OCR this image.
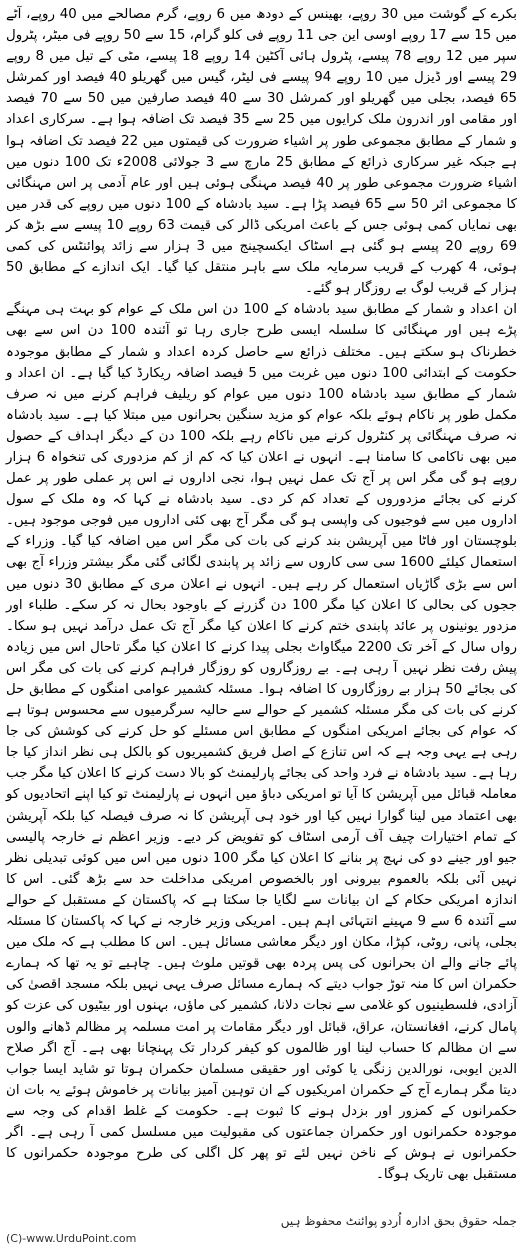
بکرے کے گوشت میں 30 روپے، بھینس کے دودھ میں 6 روپے، گرم مصالحے میں 40 روپے، آٹے میں 15 سے 17 روپے اوسی این جی 11 روپے فی کلو گرام، 15 سے 50 روپے فی میٹر، پٹرول سپر میں 12 روپے 78 پیسے، پٹرول ہائی آکٹین 14 روپے 18 پیسے، مٹی کے تیل میں 8 روپے 29 پیسے اور ڈیزل میں 10 روپے 94 پیسے فی لیٹر، گیس میں گھریلو 40 فیصد اور کمرشل 65 فیصد، بجلی میں گھریلو اور کمرشل 30 سے 40 فیصد صارفین میں 50 سے 70 فیصد اور مقامی اور اندرون ملک کرایوں میں 25 سے 35 فیصد تک اضافہ ہوا ہے۔ سرکاری اعداد و شمار کے مطابق مجموعی طور پر اشیاء ضرورت کی قیمتوں میں 22 فیصد تک اضافہ ہوا ہے جبکہ غیر سرکاری ذرائع کے مطابق 25 مارچ سے 3 جولائی 2008ء تک 100 دنوں میں اشیاء ضرورت مجموعی طور پر 40 فیصد مہنگی ہوئی ہیں اور عام آدمی پر اس مہنگائی کا مجموعی اثر 50 سے 65 فیصد پڑا ہے۔ سید بادشاہ کے 100 دنوں میں روپے کی قدر میں بھی نمایاں کمی ہوئی جس کے باعث امریکی ڈالر کی قیمت 63 روپے 10 پیسے سے بڑھ کر 69 روپے 20 پیسے ہو گئی ہے اسٹاک ایکسچینج میں 3 ہزار سے زائد پوائنٹس کی کمی ہوئی، 4 کھرب کے قریب سرمایہ ملک سے باہر منتقل کیا گیا۔ ایک اندازے کے مطابق 50 ہزار کے قریب لوگ بے روزگار ہو گئے۔

ان اعداد و شمار کے مطابق سید بادشاہ کے 100 دن اس ملک کے عوام کو بہت ہی مہنگے پڑے ہیں اور مہنگائی کا سلسلہ ایسی طرح جاری رہا تو آئندہ 100 دن اس سے بھی خطرناک ہو سکتے ہیں۔ مختلف ذرائع سے حاصل کردہ اعداد و شمار کے مطابق موجودہ حکومت کے ابتدائی 100 دنوں میں غربت میں 5 فیصد اضافہ ریکارڈ کیا گیا ہے۔ ان اعداد و شمار کے مطابق سید بادشاہ 100 دنوں میں عوام کو ریلیف فراہم کرنے میں نہ صرف مکمل طور پر ناکام ہوئے بلکہ عوام کو مزید سنگین بحرانوں میں مبتلا کیا ہے۔ سید بادشاہ نہ صرف مہنگائی پر کنٹرول کرنے میں ناکام رہے بلکہ 100 دن کے دیگر اہداف کے حصول میں بھی ناکامی کا سامنا ہے۔ انہوں نے اعلان کیا کہ کم از کم مزدوری کی تنخواہ 6 ہزار روپے ہو گی مگر اس پر آج تک عمل نہیں ہوا، نجی اداروں نے اس پر عملی طور پر عمل کرنے کی بجائے مزدوروں کے تعداد کم کر دی۔ سید بادشاہ نے کہا کہ وہ ملک کے سول اداروں میں سے فوجیوں کی واپسی ہو گی مگر آج بھی کئی اداروں میں فوجی موجود ہیں۔ بلوچستان اور فاٹا میں آپریشن بند کرنے کی بات کی مگر اس میں اضافہ کیا گیا۔ وزراء کے استعمال کیلئے 1600 سی سی کاروں سے زائد پر پابندی لگائی گئی مگر بیشتر وزراء آج بھی اس سے بڑی گاڑیاں استعمال کر رہے ہیں۔ انہوں نے اعلان مری کے مطابق 30 دنوں میں ججوں کی بحالی کا اعلان کیا مگر 100 دن گزرنے کے باوجود بحال نہ کر سکے۔ طلباء اور مزدور یونینوں پر عائد پابندی ختم کرنے کا اعلان کیا مگر آج تک عمل درآمد نہیں ہو سکا۔ رواں سال کے آخر تک 2200 میگاواٹ بجلی پیدا کرنے کا اعلان کیا مگر تاحال اس میں زیادہ پیش رفت نظر نہیں آ رہی ہے۔ بے روزگاروں کو روزگار فراہم کرنے کی بات کی مگر اس کی بجائے 50 ہزار بے روزگاروں کا اضافہ ہوا۔ مسئلہ کشمیر عوامی امنگوں کے مطابق حل کرنے کی بات کی مگر مسئلہ کشمیر کے حوالے سے حالیہ سرگرمیوں سے محسوس ہوتا ہے کہ عوام کی بجائے امریکی امنگوں کے مطابق اس مسئلے کو حل کرنے کی کوشش کی جا رہی ہے یہی وجہ ہے کہ اس تنازع کے اصل فریق کشمیریوں کو بالکل ہی نظر انداز کیا جا رہا ہے۔ سید بادشاہ نے فرد واحد کی بجائے پارلیمنٹ کو بالا دست کرنے کا اعلان کیا مگر جب معاملہ قبائل میں آپریشن کا آیا تو امریکی دباؤ میں انہوں نے پارلیمنٹ تو کیا اپنے اتحادیوں کو بھی اعتماد میں لینا گوارا نہیں کیا اور خود ہی آپریشن کا نہ صرف فیصلہ کیا بلکہ آپریشن کے تمام اختیارات چیف آف آرمی اسٹاف کو تفویض کر دیے۔ وزیر اعظم نے خارجہ پالیسی جیو اور جینے دو کی نہج پر بنانے کا اعلان کیا مگر 100 دنوں میں اس میں کوئی تبدیلی نظر نہیں آئی بلکہ بالعموم بیرونی اور بالخصوص امریکی مداخلت حد سے بڑھ گئی۔ اس کا اندازہ امریکی حکام کے ان بیانات سے لگایا جا سکتا ہے کہ پاکستان کے مستقبل کے حوالے سے آئندہ 6 سے 9 مہینے انتہائی اہم ہیں۔ امریکی وزیر خارجہ نے کہا کہ پاکستان کا مسئلہ بجلی، پانی، روٹی، کپڑا، مکان اور دیگر معاشی مسائل ہیں۔ اس کا مطلب ہے کہ ملک میں پائے جانے والے ان بحرانوں کی پس پردہ بھی قوتیں ملوث ہیں۔ چاہیے تو یہ تھا کہ ہمارے حکمران اس کا منہ توڑ جواب دیتے کہ ہمارے مسائل صرف یہی نہیں بلکہ مسجد اقصیٰ کی آزادی، فلسطینیوں کو غلامی سے نجات دلانا، کشمیر کی ماؤں، بہنوں اور بیٹیوں کی عزت کو پامال کرنے، افغانستان، عراق، قبائل اور دیگر مقامات پر امت مسلمہ پر مظالم ڈھانے والوں سے ان مظالم کا حساب لینا اور ظالموں کو کیفر کردار تک پہنچانا بھی ہے۔ آج اگر صلاح الدین ایوبی، نورالدین زنگی یا کوئی اور حقیقی مسلمان حکمران ہوتا تو شاید ایسا جواب دیتا مگر ہمارے آج کے حکمران امریکیوں کے ان توہین آمیز بیانات پر خاموش ہوئے یہ بات ان حکمرانوں کے کمزور اور بزدل ہونے کا ثبوت ہے۔ حکومت کے غلط اقدام کی وجہ سے موجودہ حکمرانوں اور حکمران جماعتوں کی مقبولیت میں مسلسل کمی آ رہی ہے۔ اگر حکمرانوں نے ہوش کے ناخن نہیں لئے تو پھر کل اگلی کی طرح موجودہ حکمرانوں کا مستقبل بھی تاریک ہوگا۔

جملہ حقوق بحق ادارہ اُردو پوائنٹ محفوظ ہیں
(C)-www.UrduPoint.com
